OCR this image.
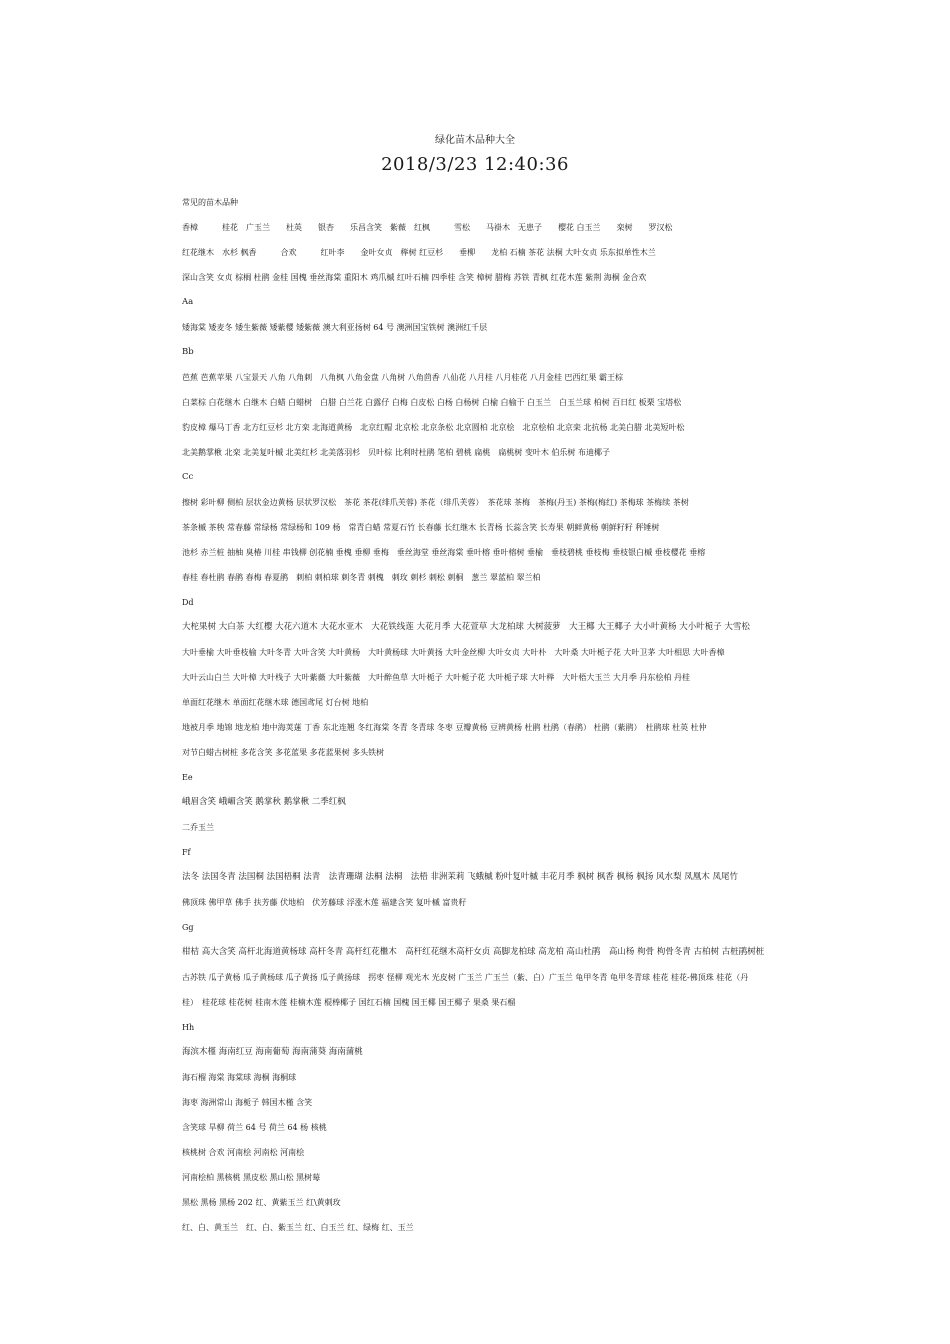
绿化苗木品种大全
2018/3/23 12:40:36
常见的苗木品种
香樟　　　桂花　广玉兰　　杜英　　银杏　　乐昌含笑　紫薇　红枫　　　雪松　　马褂木　无患子　　樱花 白玉兰　　栾树　　罗汉松
红花继木　水杉 枫香　　　合欢　　　红叶李　　金叶女贞　榉树 红豆杉　　垂柳　　龙柏 石楠 茶花 法桐 大叶女贞 乐东拟单性木兰
深山含笑 女贞 棕榈 杜鹃 金桂 国槐 垂丝海棠 重阳木 鸡爪槭 红叶石楠 四季桂 含笑 樟树 腊梅 苏铁 青枫 红花木莲 紫荆 海桐 金合欢
Aa
矮海棠 矮麦冬 矮生紫薇 矮紫樱 矮紫薇 澳大利亚扬树 64 号 澳洲国宝铁树 澳洲红千层
Bb
芭蕉 芭蕉苹果 八宝景天 八角 八角刺　八角枫 八角金盘 八角树 八角茴香 八仙花 八月桂 八月桂花 八月金桂 巴西红果 霸王棕
白菜棕 白花继木 白继木 白蜡 白蜡树　白腊 白兰花 白露仔 白梅 白皮松 白杨 白杨树 白榆 白榆干 白玉兰　白玉兰球 柏树 百日红 板栗 宝塔松
豹皮樟 爆马丁香 北方红豆杉 北方栾 北海道黄杨　北京红帽 北京松 北京条松 北京圆柏 北京桧　北京桧柏 北京栾 北抗杨 北美白腊 北美短叶松
北美鹅掌楸 北栾 北美复叶槭 北美红杉 北美落羽杉　贝叶棕 比利时杜鹃 笔柏 碧桃 扁桃　扁桃树 变叶木 伯乐树 布迪椰子
Cc
擦树 彩叶柳 侧柏 层状金边黄杨 层状罗汉松　茶花 茶花(绯爪芙蓉) 茶花（绯爪芙蓉）　茶花球 茶梅　茶梅(丹玉) 茶梅(梅红) 茶梅球 茶梅续 茶树
茶条槭 茶秧 常春藤 常绿杨 常绿杨和 109 杨　常青白蜡 常夏石竹 长春藤 长红继木 长青杨 长蕊含笑 长寿果 朝鲜黄杨 朝鲜籽籽 秤锤树
池杉 赤兰桩 抽柚 臭椿 川桂 串钱柳 创花楠 垂槐 垂柳 垂梅　垂丝海堂 垂丝海棠 垂叶榕 垂叶榕树 垂榆　垂枝碧桃 垂枝梅 垂枝银白槭 垂枝樱花 垂榕
春桂 春杜鹃 春鹃 春梅 春夏鹃　刺柏 刺柏球 刺冬青 刺槐　刺玫 刺杉 刺松 刺桐　葱兰 翠蓝柏 翠兰柏
Dd
大柁果树 大白茶 大红樱 大花六道木 大花水亚木　大花铁线莲 大花月季 大花萱草 大龙柏球 大树菠萝　大王椰 大王椰子 大小叶黄杨 大小叶栀子 大雪松
大叶垂榆 大叶垂枝榆 大叶冬青 大叶含笑 大叶黄杨　大叶黄杨球 大叶黄扬 大叶金丝柳 大叶女贞 大叶朴　大叶桑 大叶栀子花 大叶卫茅 大叶相思 大叶香樟
大叶云山白兰 大叶樟 大叶栈子 大叶紫薇 大叶紫薇　大叶醉鱼草 大叶栀子 大叶栀子花 大叶栀子球 大叶榉　大叶梧大玉兰 大月季 丹东桧柏 丹桂
单面红花继木 单面红花继木球 德国鸢尾 灯台树 地柏
地被月季 地锦 地龙柏 地中海荚蒾 丁香 东北连翘 冬红海棠 冬青 冬青球 冬枣 豆瓣黄杨 豆辨黄杨 杜鹃 杜鹃（春鹃） 杜鹃（紫鹃）　杜鹃球 杜英 杜仲
对节白蜡古树桩 多花含笑 多花蓝果 多花蓝果树 多头铁树
Ee
峨眉含笑 峨嵋含笑 鹅掌秋 鹅掌楸 二季红枫
二乔玉兰
Ff
法冬 法国冬青 法国桐 法国梧桐 法青　法青珊瑚 法桐 法桐　法梧 非洲茉莉 飞蛾槭 粉叶复叶槭 丰花月季 枫树 枫香 枫杨 枫扬 风水梨 凤凰木 凤尾竹
佛顶珠 佛甲草 佛手 扶芳藤 伏地柏　伏芳藤球 浮涨木莲 福建含笑 复叶槭 富贵籽
Gg
柑桔 高大含笑 高杆北海道黄杨球 高杆冬青 高杆红花檵木　高杆红花继木高杆女贞 高脚龙柏球 高龙柏 高山杜鹃　高山杨 枸骨 枸骨冬青 古柏树 古桩鹃树桩
古苏铁 瓜子黄杨 瓜子黄杨球 瓜子黄扬 瓜子黄扬球　拐枣 怪柳 观光木 光皮树 广玉兰 广玉兰（紫、白）广玉兰 龟甲冬青 龟甲冬青球 桂花 桂花-佛顶珠 桂花（丹
桂）　桂花球 桂花树 桂南木莲 桂楠木莲 棍棒椰子 国红石楠 国槐 国王椰 国王椰子 果桑 果石榴
Hh
海滨木槿 海南红豆 海南葡萄 海南蒲葵 海南蒲桃
海石榴 海棠 海棠球 海桐 海桐球
海枣 海洲常山 海栀子 韩国木槿 含笑
含笑球 旱柳 荷兰 64 号 荷兰 64 杨 核桃
核桃树 合欢 河南桧 河南松 河南桧
河南桧柏 黑核桃 黑皮松 黑山松 黑树莓
黑松 黑杨 黑杨 202 红、黄紫玉兰 红\黄刺玫
红、白、黄玉兰　红、白、紫玉兰 红、白玉兰 红、绿梅 红、玉兰
